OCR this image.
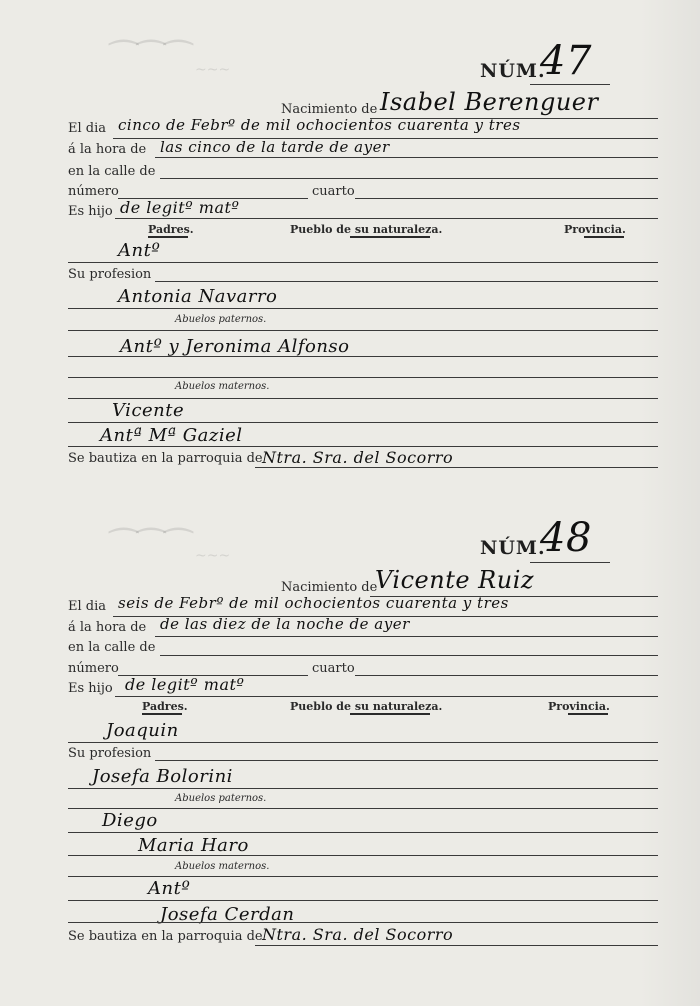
⁀⁀⁀ ~~~
⁀⁀⁀ ~~~
NÚM.
47
Nacimiento de Isabel Berenguer
El dia cinco de Febrº de mil ochocientos cuarenta y tres
á la hora de las cinco de la tarde de ayer
en la calle de
número	cuarto
Es hijo de legitº matº
Padres.	Pueblo de su naturaleza.	Provincia.
Antº
Su profesion
Antonia Navarro
Abuelos paternos.
Antº y Jeronima Alfonso
Abuelos maternos.
Vicente
Antª Mª Gaziel
Se bautiza en la parroquia de Ntra. Sra. del Socorro
NÚM.
48
Nacimiento de
Vicente Ruiz
El dia seis de Febrº de mil ochocientos cuarenta y tres
á la hora de de las diez de la noche de ayer
en la calle de
número	cuarto
Es hijo de legitº matº
Padres.	Pueblo de su naturaleza.	Provincia.
Joaquin
Su profesion
Josefa Bolorini
Abuelos paternos.
Diego
Maria Haro
Abuelos maternos.
Antº
Josefa Cerdan
Se bautiza en la parroquia de Ntra. Sra. del Socorro
